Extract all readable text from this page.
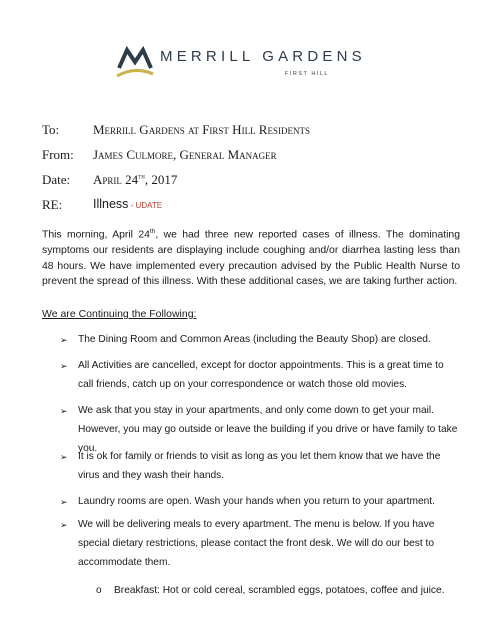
MERRILL GARDENS
FIRST HILL
To:	Merrill Gardens at First Hill Residents
From: James Culmore, General Manager
Date: April 24th, 2017
RE: Illness - UDATE

This morning, April 24th, we had three new reported cases of illness. The dominating symptoms our residents are displaying include coughing and/or diarrhea lasting less than 48 hours. We have implemented every precaution advised by the Public Health Nurse to prevent the spread of this illness. With these additional cases, we are taking further action.

We are Continuing the Following:

➢ The Dining Room and Common Areas (including the Beauty Shop) are closed.
➢ All Activities are cancelled, except for doctor appointments. This is a great time to call friends, catch up on your correspondence or watch those old movies.
➢ We ask that you stay in your apartments, and only come down to get your mail. However, you may go outside or leave the building if you drive or have family to take you.
➢ It is ok for family or friends to visit as long as you let them know that we have the virus and they wash their hands.
➢ Laundry rooms are open. Wash your hands when you return to your apartment.
➢ We will be delivering meals to every apartment. The menu is below. If you have special dietary restrictions, please contact the front desk. We will do our best to accommodate them.
o Breakfast: Hot or cold cereal, scrambled eggs, potatoes, coffee and juice.
